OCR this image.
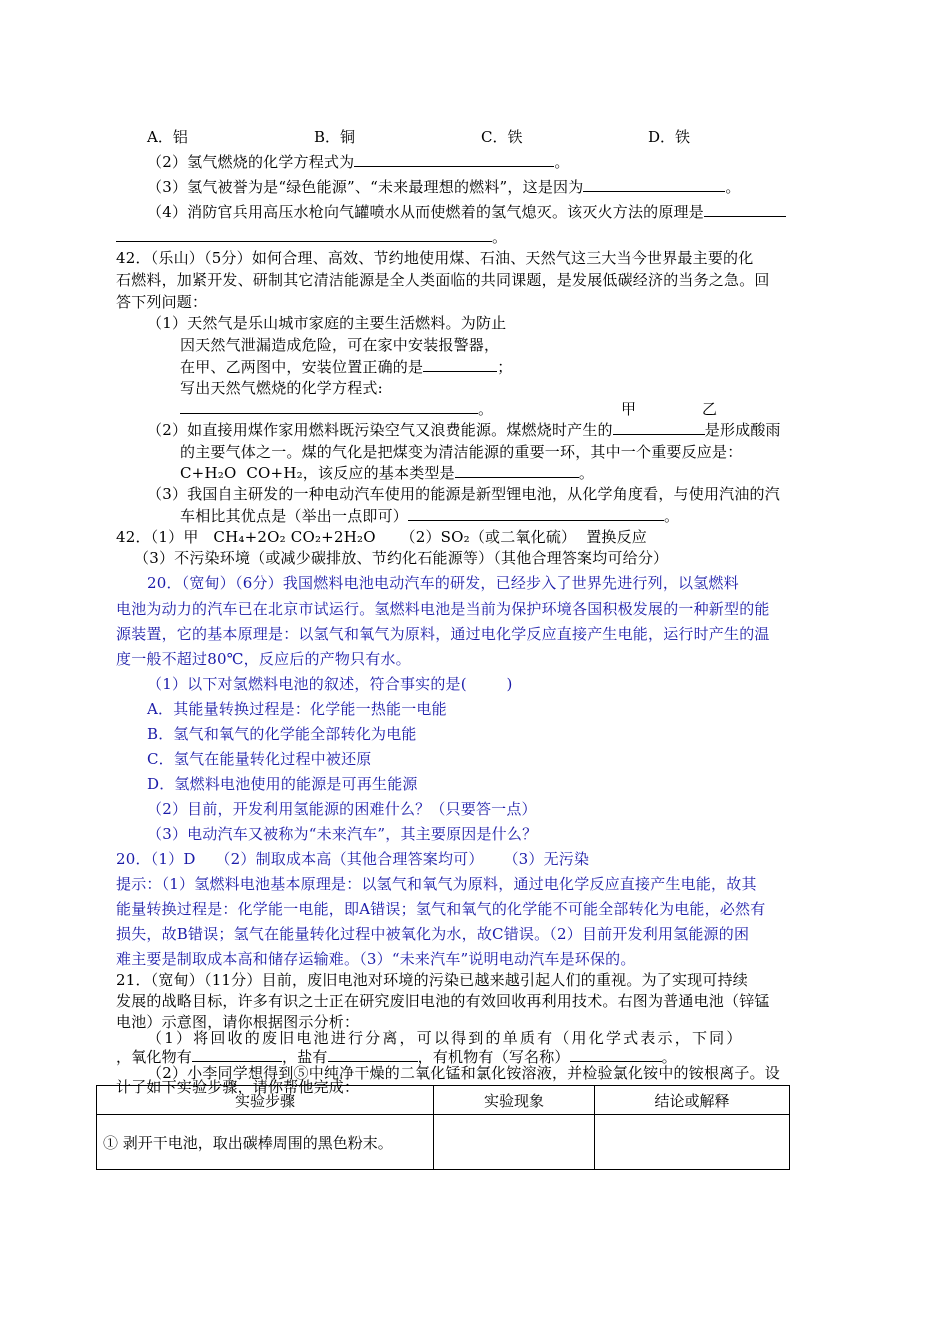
A．铝	B．铜	C．铁	D．铁
（2）氢气燃烧的化学方程式为	。
（3）氢气被誉为是“绿色能源”、“未来最理想的燃料”，这是因为	。
（4）消防官兵用高压水枪向气罐喷水从而使燃着的氢气熄灭。该灭火方法的原理是
。
42．（乐山）（5分）如何合理、高效、节约地使用煤、石油、天然气这三大当今世界最主要的化
石燃料，加紧开发、研制其它清洁能源是全人类面临的共同课题，是发展低碳经济的当务之急。回
答下列问题：
（1）天然气是乐山城市家庭的主要生活燃料。为防止
因天然气泄漏造成危险，可在家中安装报警器，
在甲、乙两图中，安装位置正确的是	；
写出天然气燃烧的化学方程式:
。	甲	乙
（2）如直接用煤作家用燃料既污染空气又浪费能源。煤燃烧时产生的	是形成酸雨
的主要气体之一。煤的气化是把煤变为清洁能源的重要一环，其中一个重要反应是：
C+H₂O  CO+H₂，该反应的基本类型是	。
（3）我国自主研发的一种电动汽车使用的能源是新型锂电池，从化学角度看，与使用汽油的汽
车相比其优点是（举出一点即可）	。
42．（1）甲   CH₄+2O₂ CO₂+2H₂O     （2）SO₂（或二氧化硫）  置换反应
（3）不污染环境（或减少碳排放、节约化石能源等）（其他合理答案均可给分）
20．（宽甸）（6分）我国燃料电池电动汽车的研发，已经步入了世界先进行列，以氢燃料
电池为动力的汽车已在北京市试运行。氢燃料电池是当前为保护环境各国积极发展的一种新型的能
源装置，它的基本原理是：以氢气和氧气为原料，通过电化学反应直接产生电能，运行时产生的温
度一般不超过80℃，反应后的产物只有水。
（1）以下对氢燃料电池的叙述，符合事实的是(        )
A．其能量转换过程是：化学能一热能一电能
B．氢气和氧气的化学能全部转化为电能
C．氢气在能量转化过程中被还原
D．氢燃料电池使用的能源是可再生能源
（2）目前，开发利用氢能源的困难什么？（只要答一点）
（3）电动汽车又被称为“未来汽车”，其主要原因是什么？
20．（1）D    （2）制取成本高（其他合理答案均可）    （3）无污染
提示：（1）氢燃料电池基本原理是：以氢气和氧气为原料，通过电化学反应直接产生电能，故其
能量转换过程是：化学能一电能，即A错误；氢气和氧气的化学能不可能全部转化为电能，必然有
损失，故B错误；氢气在能量转化过程中被氧化为水，故C错误。（2）目前开发利用氢能源的困
难主要是制取成本高和储存运输难。（3）“未来汽车”说明电动汽车是环保的。
21．（宽甸）（11分）目前，废旧电池对环境的污染已越来越引起人们的重视。为了实现可持续
发展的战略目标，许多有识之士正在研究废旧电池的有效回收再利用技术。右图为普通电池（锌锰
电池）示意图，请你根据图示分析：
（1）将回收的废旧电池进行分离，可以得到的单质有（用化学式表示，下同）
，氧化物有	，盐有	，有机物有（写名称）	。
（2）小李同学想得到⑤中纯净干燥的二氧化锰和氯化铵溶液，并检验氯化铵中的铵根离子。设
计了如下实验步骤，请你帮他完成：
实验步骤	实验现象	结论或解释
① 剥开干电池，取出碳棒周围的黑色粉末。		
